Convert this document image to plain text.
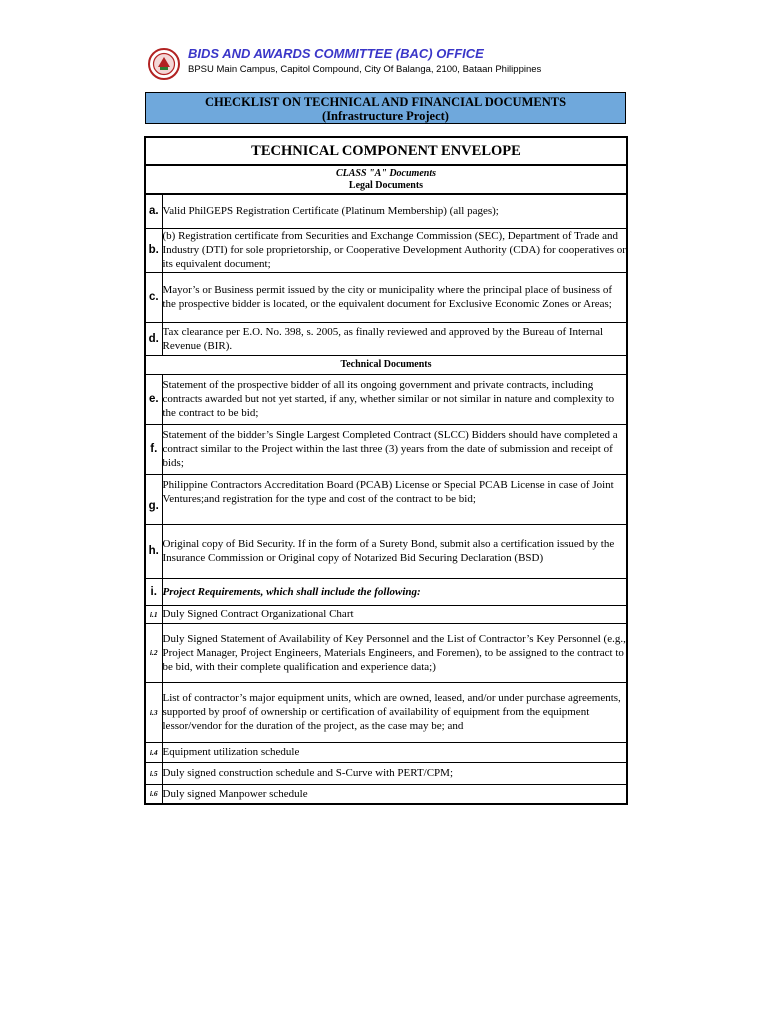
BIDS AND AWARDS COMMITTEE (BAC) OFFICE
BPSU Main Campus, Capitol Compound, City Of Balanga, 2100, Bataan Philippines
CHECKLIST ON TECHNICAL AND FINANCIAL DOCUMENTS
(Infrastructure Project)
TECHNICAL COMPONENT ENVELOPE	

CLASS "A" Documents
Legal Documents	

a.	Valid PhilGEPS Registration Certificate (Platinum Membership) (all pages);
b.	(b) Registration certificate from Securities and Exchange Commission (SEC), Department of Trade and Industry (DTI) for sole proprietorship, or Cooperative Development Authority (CDA) for cooperatives or its equivalent document;
c.	Mayor’s or Business permit issued by the city or municipality where the principal place of business of the prospective bidder is located, or the equivalent document for Exclusive Economic Zones or Areas;
d.	Tax clearance per E.O. No. 398, s. 2005, as finally reviewed and approved by the Bureau of Internal Revenue (BIR).
Technical Documents	
e.	Statement of the prospective bidder of all its ongoing government and private contracts, including contracts awarded but not yet started, if any, whether similar or not similar in nature and complexity to the contract to be bid;
f.	Statement of the bidder’s Single Largest Completed Contract (SLCC) Bidders should have completed a contract similar to the Project within the last three (3) years from the date of submission and receipt of bids;
g.	Philippine Contractors Accreditation Board (PCAB) License or Special PCAB License in case of Joint Ventures;and registration for the type and cost of the contract to be bid;
h.	Original copy of Bid Security. If in the form of a Surety Bond, submit also a certification issued by the Insurance Commission or Original copy of Notarized Bid Securing Declaration (BSD)
i.	Project Requirements, which shall include the following:
i.1	Duly Signed Contract Organizational Chart
i.2	Duly Signed Statement of Availability of Key Personnel and the List of Contractor’s Key Personnel (e.g., Project Manager, Project Engineers, Materials Engineers, and Foremen), to be assigned to the contract to be bid, with their complete qualification and experience data;)
i.3	List of contractor’s major equipment units, which are owned, leased, and/or under purchase agreements, supported by proof of ownership or certification of availability of equipment from the equipment lessor/vendor for the duration of the project, as the case may be; and
i.4	Equipment utilization schedule
i.5	Duly signed construction schedule and S-Curve with PERT/CPM;
i.6	Duly signed Manpower schedule
